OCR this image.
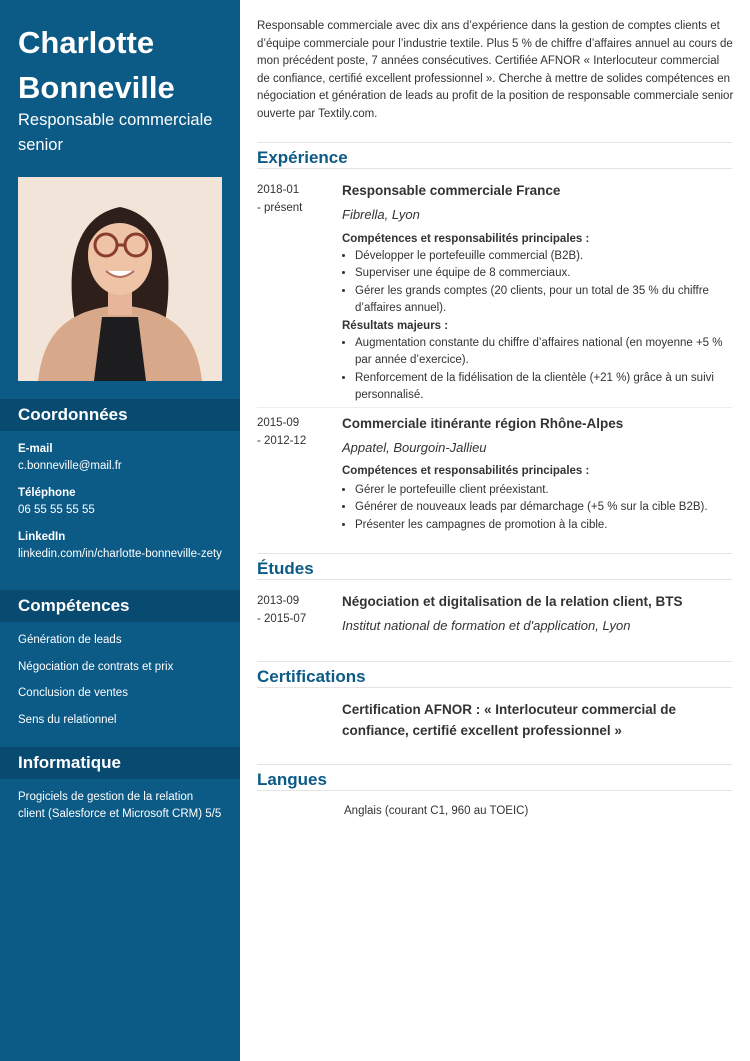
Charlotte
Bonneville
Responsable commerciale senior
Coordonnées
E-mail
c.bonneville@mail.fr
Téléphone
06 55 55 55 55
LinkedIn
linkedin.com/in/charlotte-bonneville-zety
Compétences
Génération de leads
Négociation de contrats et prix
Conclusion de ventes
Sens du relationnel
Informatique
Progiciels de gestion de la relation client (Salesforce et Microsoft CRM) 5/5
Responsable commerciale avec dix ans d’expérience dans la gestion de comptes clients et d’équipe commerciale pour l’industrie textile. Plus 5 % de chiffre d’affaires annuel au cours de mon précédent poste, 7 années consécutives. Certifiée AFNOR « Interlocuteur commercial de confiance, certifié excellent professionnel ». Cherche à mettre de solides compétences en négociation et génération de leads au profit de la position de responsable commerciale senior ouverte par Textily.com.
Expérience
2018-01
- présent
Responsable commerciale France
Fibrella, Lyon
Compétences et responsabilités principales :
• Développer le portefeuille commercial (B2B).
• Superviser une équipe de 8 commerciaux.
• Gérer les grands comptes (20 clients, pour un total de 35 % du chiffre d’affaires annuel).
Résultats majeurs :
• Augmentation constante du chiffre d’affaires national (en moyenne +5 % par année d’exercice).
• Renforcement de la fidélisation de la clientèle (+21 %) grâce à un suivi personnalisé.
2015-09
- 2012-12
Commerciale itinérante région Rhône-Alpes
Appatel, Bourgoin-Jallieu
Compétences et responsabilités principales :
• Gérer le portefeuille client préexistant.
• Générer de nouveaux leads par démarchage (+5 % sur la cible B2B).
• Présenter les campagnes de promotion à la cible.
Études
2013-09
- 2015-07
Négociation et digitalisation de la relation client, BTS
Institut national de formation et d'application, Lyon
Certifications
Certification AFNOR : « Interlocuteur commercial de confiance, certifié excellent professionnel »
Langues
Anglais (courant C1, 960 au TOEIC)
